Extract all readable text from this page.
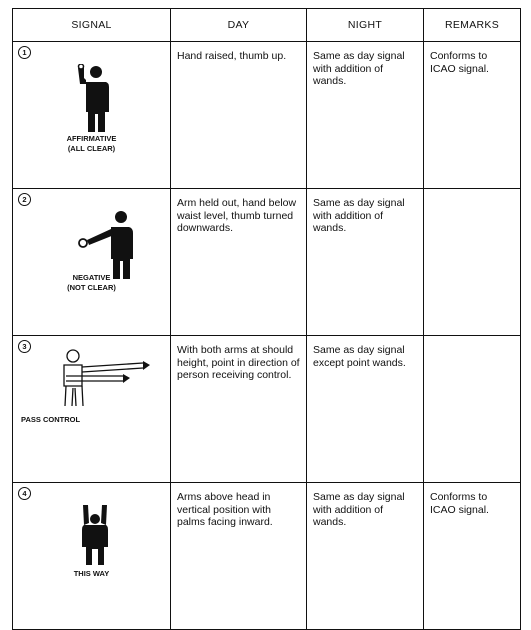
SIGNAL	DAY	NIGHT	REMARKS

1
AFFIRMATIVE
(ALL CLEAR)	Hand raised, thumb up.	Same as day signal with addition of wands.	Conforms to ICAO signal.

2
NEGATIVE
(NOT CLEAR)	Arm held out, hand below waist level, thumb turned downwards.	Same as day signal with addition of wands.	

3
PASS CONTROL	With both arms at should height, point in direction of person receiving control.	Same as day signal except point wands.	

4
THIS WAY	Arms above head in vertical position with palms facing inward.	Same as day signal with addition of wands.	Conforms to ICAO signal.
